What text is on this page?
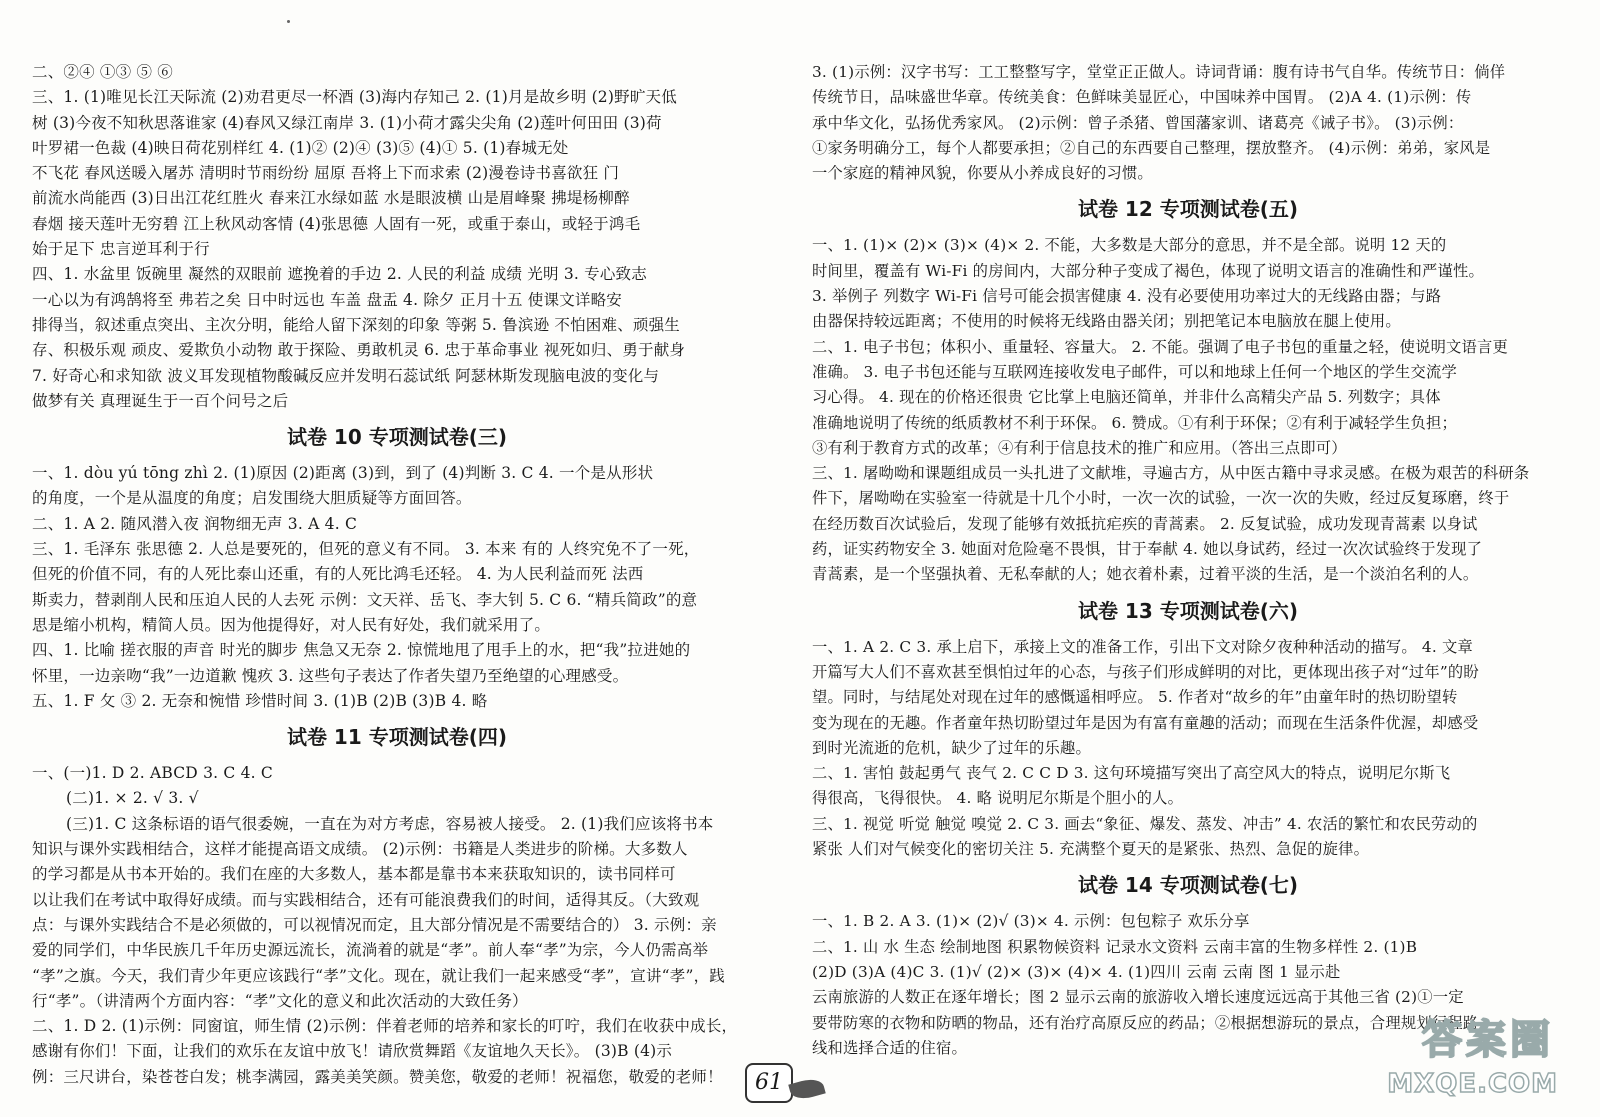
二、②④ ①③ ⑤ ⑥
三、1. (1)唯见长江天际流 (2)劝君更尽一杯酒 (3)海内存知己 2. (1)月是故乡明 (2)野旷天低
树 (3)今夜不知秋思落谁家 (4)春风又绿江南岸 3. (1)小荷才露尖尖角 (2)莲叶何田田 (3)荷
叶罗裙一色裁 (4)映日荷花别样红 4. (1)② (2)④ (3)⑤ (4)① 5. (1)春城无处
不飞花 春风送暖入屠苏 清明时节雨纷纷 屈原 吾将上下而求索 (2)漫卷诗书喜欲狂 门
前流水尚能西 (3)日出江花红胜火 春来江水绿如蓝 水是眼波横 山是眉峰聚 拂堤杨柳醉
春烟 接天莲叶无穷碧 江上秋风动客情 (4)张思德 人固有一死，或重于泰山，或轻于鸿毛
始于足下 忠言逆耳利于行
四、1. 水盆里 饭碗里 凝然的双眼前 遮挽着的手边 2. 人民的利益 成绩 光明 3. 专心致志
一心以为有鸿鹄将至 弗若之矣 日中时远也 车盖 盘盂 4. 除夕 正月十五 使课文详略安
排得当，叙述重点突出、主次分明，能给人留下深刻的印象 等粥 5. 鲁滨逊 不怕困难、顽强生
存、积极乐观 顽皮、爱欺负小动物 敢于探险、勇敢机灵 6. 忠于革命事业 视死如归、勇于献身
7. 好奇心和求知欲 波义耳发现植物酸碱反应并发明石蕊试纸 阿瑟林斯发现脑电波的变化与
做梦有关 真理诞生于一百个问号之后
试卷 10 专项测试卷(三)
一、1. dòu yú tōng zhì 2. (1)原因 (2)距离 (3)到，到了 (4)判断 3. C 4. 一个是从形状
的角度，一个是从温度的角度；启发围绕大胆质疑等方面回答。
二、1. A 2. 随风潜入夜 润物细无声 3. A 4. C
三、1. 毛泽东 张思德 2. 人总是要死的，但死的意义有不同。 3. 本来 有的 人终究免不了一死，
但死的价值不同，有的人死比泰山还重，有的人死比鸿毛还轻。 4. 为人民利益而死 法西
斯卖力，替剥削人民和压迫人民的人去死 示例：文天祥、岳飞、李大钊 5. C 6. “精兵简政”的意
思是缩小机构，精简人员。因为他提得好，对人民有好处，我们就采用了。
四、1. 比喻 搓衣服的声音 时光的脚步 焦急又无奈 2. 惊慌地甩了甩手上的水，把“我”拉进她的
怀里，一边亲吻“我”一边道歉 愧疚 3. 这些句子表达了作者失望乃至绝望的心理感受。
五、1. F 攵 ③ 2. 无奈和惋惜 珍惜时间 3. (1)B (2)B (3)B 4. 略
试卷 11 专项测试卷(四)
一、(一)1. D 2. ABCD 3. C 4. C
(二)1. × 2. √ 3. √
(三)1. C 这条标语的语气很委婉，一直在为对方考虑，容易被人接受。 2. (1)我们应该将书本
知识与课外实践相结合，这样才能提高语文成绩。 (2)示例：书籍是人类进步的阶梯。大多数人
的学习都是从书本开始的。我们在座的大多数人，基本都是靠书本来获取知识的，读书同样可
以让我们在考试中取得好成绩。而与实践相结合，还有可能浪费我们的时间，适得其反。（大致观
点：与课外实践结合不是必须做的，可以视情况而定，且大部分情况是不需要结合的） 3. 示例：亲
爱的同学们，中华民族几千年历史源远流长，流淌着的就是“孝”。前人奉“孝”为宗，今人仍需高举
“孝”之旗。今天，我们青少年更应该践行“孝”文化。现在，就让我们一起来感受“孝”，宣讲“孝”，践
行“孝”。（讲清两个方面内容：“孝”文化的意义和此次活动的大致任务）
二、1. D 2. (1)示例：同窗谊，师生情 (2)示例：伴着老师的培养和家长的叮咛，我们在收获中成长，
感谢有你们！下面，让我们的欢乐在友谊中放飞！请欣赏舞蹈《友谊地久天长》。 (3)B (4)示
例：三尺讲台，染苍苍白发；桃李满园，露美美笑颜。赞美您，敬爱的老师！祝福您，敬爱的老师！
3. (1)示例：汉字书写：工工整整写字，堂堂正正做人。诗词背诵：腹有诗书气自华。传统节日：倘佯
传统节日，品味盛世华章。传统美食：色鲜味美显匠心，中国味养中国胃。 (2)A 4. (1)示例：传
承中华文化，弘扬优秀家风。 (2)示例：曾子杀猪、曾国藩家训、诸葛亮《诫子书》。 (3)示例：
①家务明确分工，每个人都要承担；②自己的东西要自己整理，摆放整齐。 (4)示例：弟弟，家风是
一个家庭的精神风貌，你要从小养成良好的习惯。
试卷 12 专项测试卷(五)
一、1. (1)× (2)× (3)× (4)× 2. 不能，大多数是大部分的意思，并不是全部。说明 12 天的
时间里，覆盖有 Wi-Fi 的房间内，大部分种子变成了褐色，体现了说明文语言的准确性和严谨性。
3. 举例子 列数字 Wi-Fi 信号可能会损害健康 4. 没有必要使用功率过大的无线路由器；与路
由器保持较远距离；不使用的时候将无线路由器关闭；别把笔记本电脑放在腿上使用。
二、1. 电子书包；体积小、重量轻、容量大。 2. 不能。强调了电子书包的重量之轻，使说明文语言更
准确。 3. 电子书包还能与互联网连接收发电子邮件，可以和地球上任何一个地区的学生交流学
习心得。 4. 现在的价格还很贵 它比掌上电脑还简单，并非什么高精尖产品 5. 列数字；具体
准确地说明了传统的纸质教材不利于环保。 6. 赞成。①有利于环保；②有利于减轻学生负担；
③有利于教育方式的改革；④有利于信息技术的推广和应用。（答出三点即可）
三、1. 屠呦呦和课题组成员一头扎进了文献堆，寻遍古方，从中医古籍中寻求灵感。在极为艰苦的科研条
件下，屠呦呦在实验室一待就是十几个小时，一次一次的试验，一次一次的失败，经过反复琢磨，终于
在经历数百次试验后，发现了能够有效抵抗疟疾的青蒿素。 2. 反复试验，成功发现青蒿素 以身试
药，证实药物安全 3. 她面对危险毫不畏惧，甘于奉献 4. 她以身试药，经过一次次试验终于发现了
青蒿素，是一个坚强执着、无私奉献的人；她衣着朴素，过着平淡的生活，是一个淡泊名利的人。
试卷 13 专项测试卷(六)
一、1. A 2. C 3. 承上启下，承接上文的准备工作，引出下文对除夕夜种种活动的描写。 4. 文章
开篇写大人们不喜欢甚至惧怕过年的心态，与孩子们形成鲜明的对比，更体现出孩子对“过年”的盼
望。同时，与结尾处对现在过年的感慨遥相呼应。 5. 作者对“故乡的年”由童年时的热切盼望转
变为现在的无趣。作者童年热切盼望过年是因为有富有童趣的活动；而现在生活条件优渥，却感受
到时光流逝的危机，缺少了过年的乐趣。
二、1. 害怕 鼓起勇气 丧气 2. C C D 3. 这句环境描写突出了高空风大的特点，说明尼尔斯飞
得很高，飞得很快。 4. 略 说明尼尔斯是个胆小的人。
三、1. 视觉 听觉 触觉 嗅觉 2. C 3. 画去“象征、爆发、蒸发、冲击” 4. 农活的繁忙和农民劳动的
紧张 人们对气候变化的密切关注 5. 充满整个夏天的是紧张、热烈、急促的旋律。
试卷 14 专项测试卷(七)
一、1. B 2. A 3. (1)× (2)√ (3)× 4. 示例：包包粽子 欢乐分享
二、1. 山 水 生态 绘制地图 积累物候资料 记录水文资料 云南丰富的生物多样性 2. (1)B
(2)D (3)A (4)C 3. (1)√ (2)× (3)× (4)× 4. (1)四川 云南 云南 图 1 显示赴
云南旅游的人数正在逐年增长；图 2 显示云南的旅游收入增长速度远远高于其他三省 (2)①一定
要带防寒的衣物和防晒的物品，还有治疗高原反应的药品；②根据想游玩的景点，合理规划行程路
线和选择合适的住宿。
61
答案圈
MXQE.COM
